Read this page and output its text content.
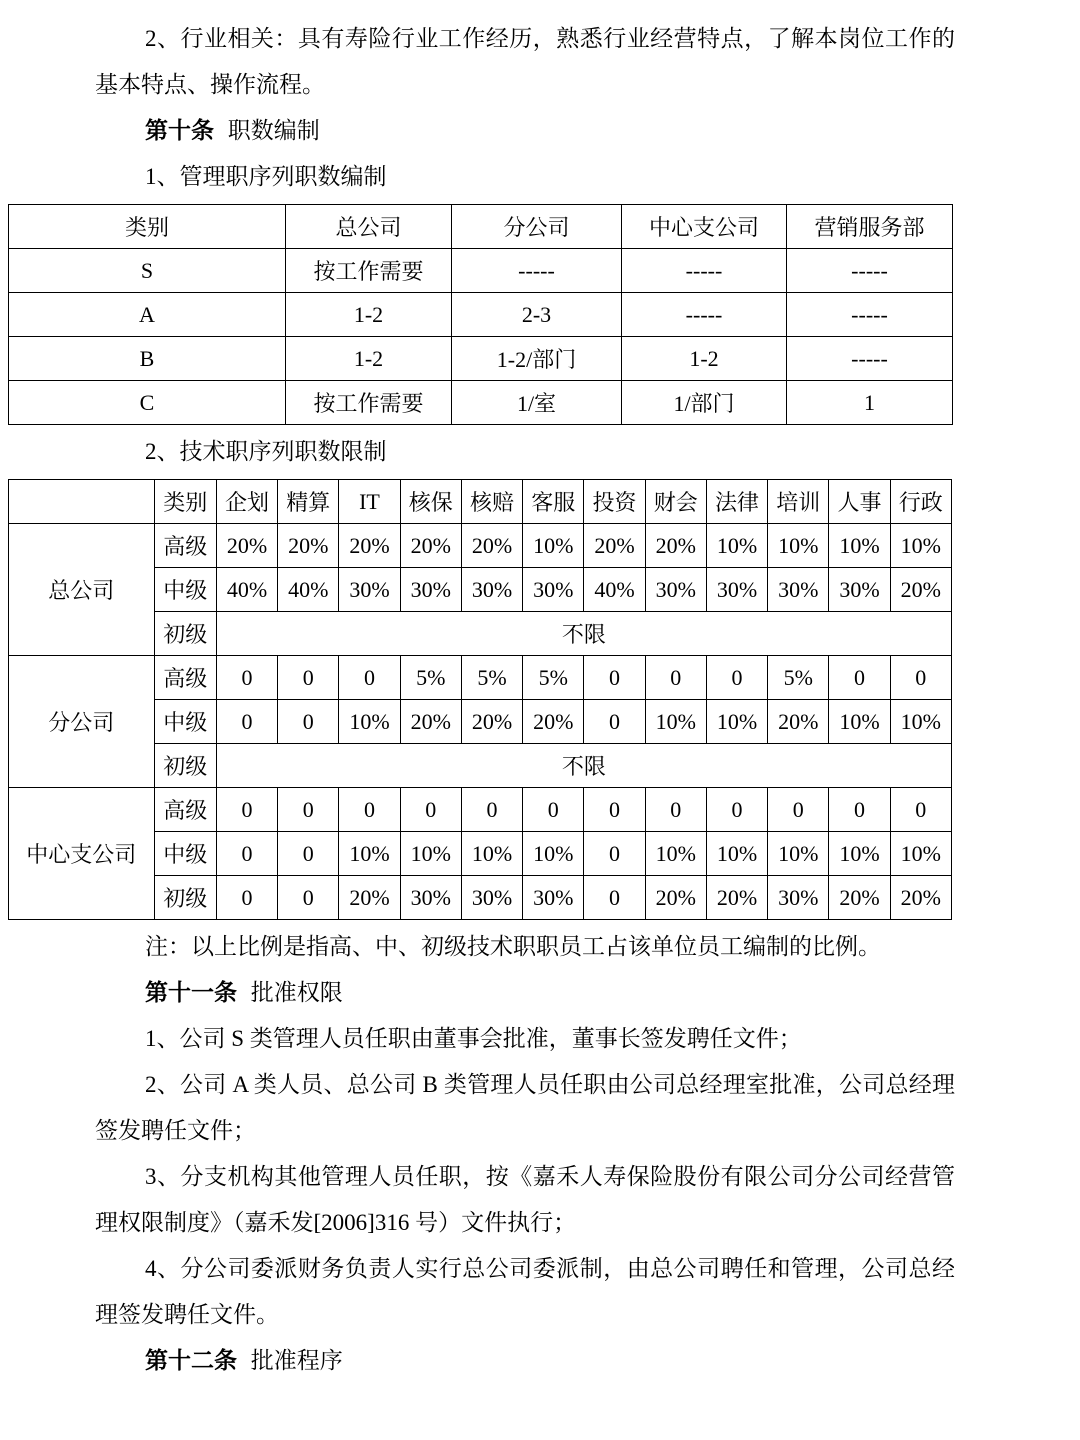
2、行业相关：具有寿险行业工作经历，熟悉行业经营特点，了解本岗位工作的基本特点、操作流程。

第十条 职数编制

1、管理职序列职数编制

类别	总公司	分公司	中心支公司	营销服务部
S	按工作需要	-----	-----	-----
A	1-2	2-3	-----	-----
B	1-2	1-2/部门	1-2	-----
C	按工作需要	1/室	1/部门	1

2、技术职序列职数限制

	类别	企划	精算	IT	核保	核赔	客服	投资	财会	法律	培训	人事	行政
总公司	高级	20%	20%	20%	20%	20%	10%	20%	20%	10%	10%	10%	10%
	中级	40%	40%	30%	30%	30%	30%	40%	30%	30%	30%	30%	20%
	初级	不限											
分公司	高级	0	0	0	5%	5%	5%	0	0	0	5%	0	0
	中级	0	0	10%	20%	20%	20%	0	10%	10%	20%	10%	10%
	初级	不限											
中心支公司	高级	0	0	0	0	0	0	0	0	0	0	0	0
	中级	0	0	10%	10%	10%	10%	0	10%	10%	10%	10%	10%
	初级	0	0	20%	30%	30%	30%	0	20%	20%	30%	20%	20%

注：以上比例是指高、中、初级技术职职员工占该单位员工编制的比例。

第十一条 批准权限

1、公司 S 类管理人员任职由董事会批准，董事长签发聘任文件；

2、公司 A 类人员、总公司 B 类管理人员任职由公司总经理室批准，公司总经理签发聘任文件；

3、分支机构其他管理人员任职，按《嘉禾人寿保险股份有限公司分公司经营管理权限制度》（嘉禾发[2006]316 号）文件执行；

4、分公司委派财务负责人实行总公司委派制，由总公司聘任和管理，公司总经理签发聘任文件。

第十二条 批准程序
